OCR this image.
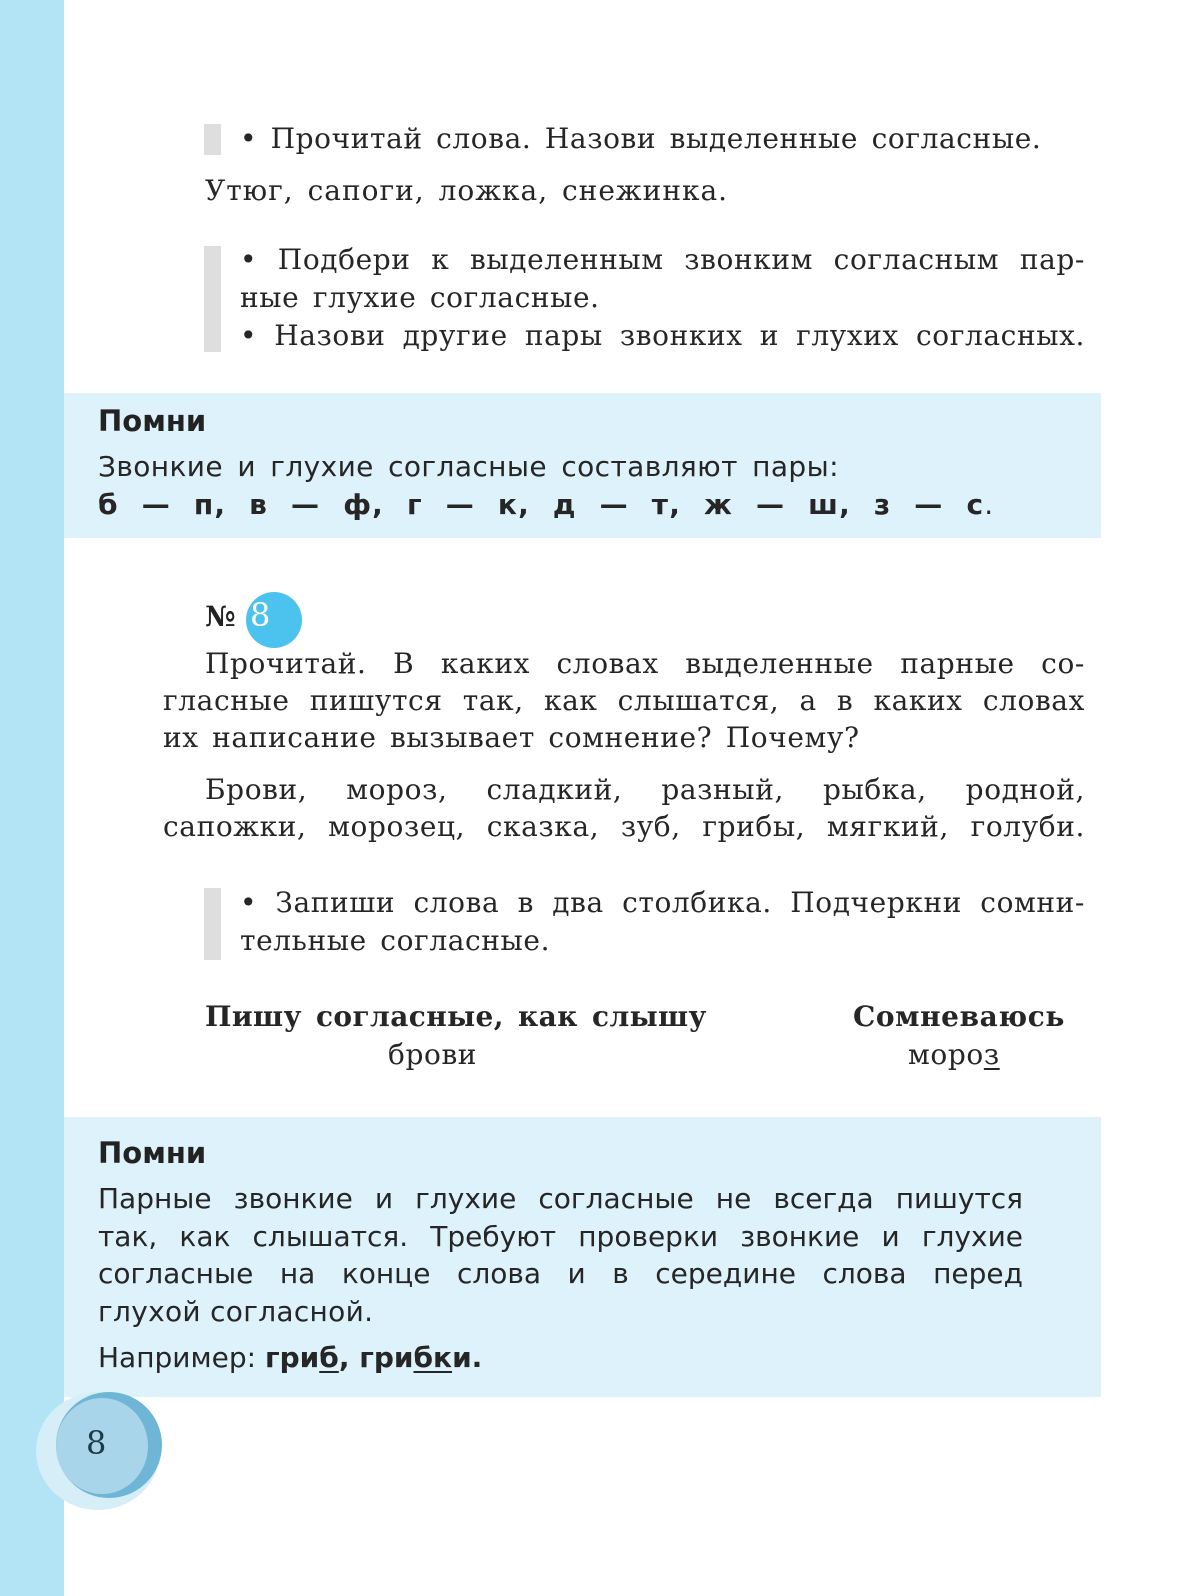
• Прочитай слова. Назови выделенные согласные.
Утюг, сапоги, ложка, снежинка.
• Подбери к выделенным звонким согласным пар-
ные глухие согласные.
• Назови другие пары звонких и глухих согласных.
Помни
Звонкие и глухие согласные составляют пары:
б — п, в — ф, г — к, д — т, ж — ш, з — с.
№ 8
Прочитай. В каких словах выделенные парные со-
гласные пишутся так, как слышатся, а в каких словах
их написание вызывает сомнение? Почему?
Брови, мороз, сладкий, разный, рыбка, родной,
сапожки, морозец, сказка, зуб, грибы, мягкий, голуби.
• Запиши слова в два столбика. Подчеркни сомни-
тельные согласные.
Пишу согласные, как слышу
брови
Сомневаюсь
мороз
Помни
Парные звонкие и глухие согласные не всегда пишутся
так, как слышатся. Требуют проверки звонкие и глухие
согласные на конце слова и в середине слова перед
глухой согласной.
Например: гриб, грибки.
8
